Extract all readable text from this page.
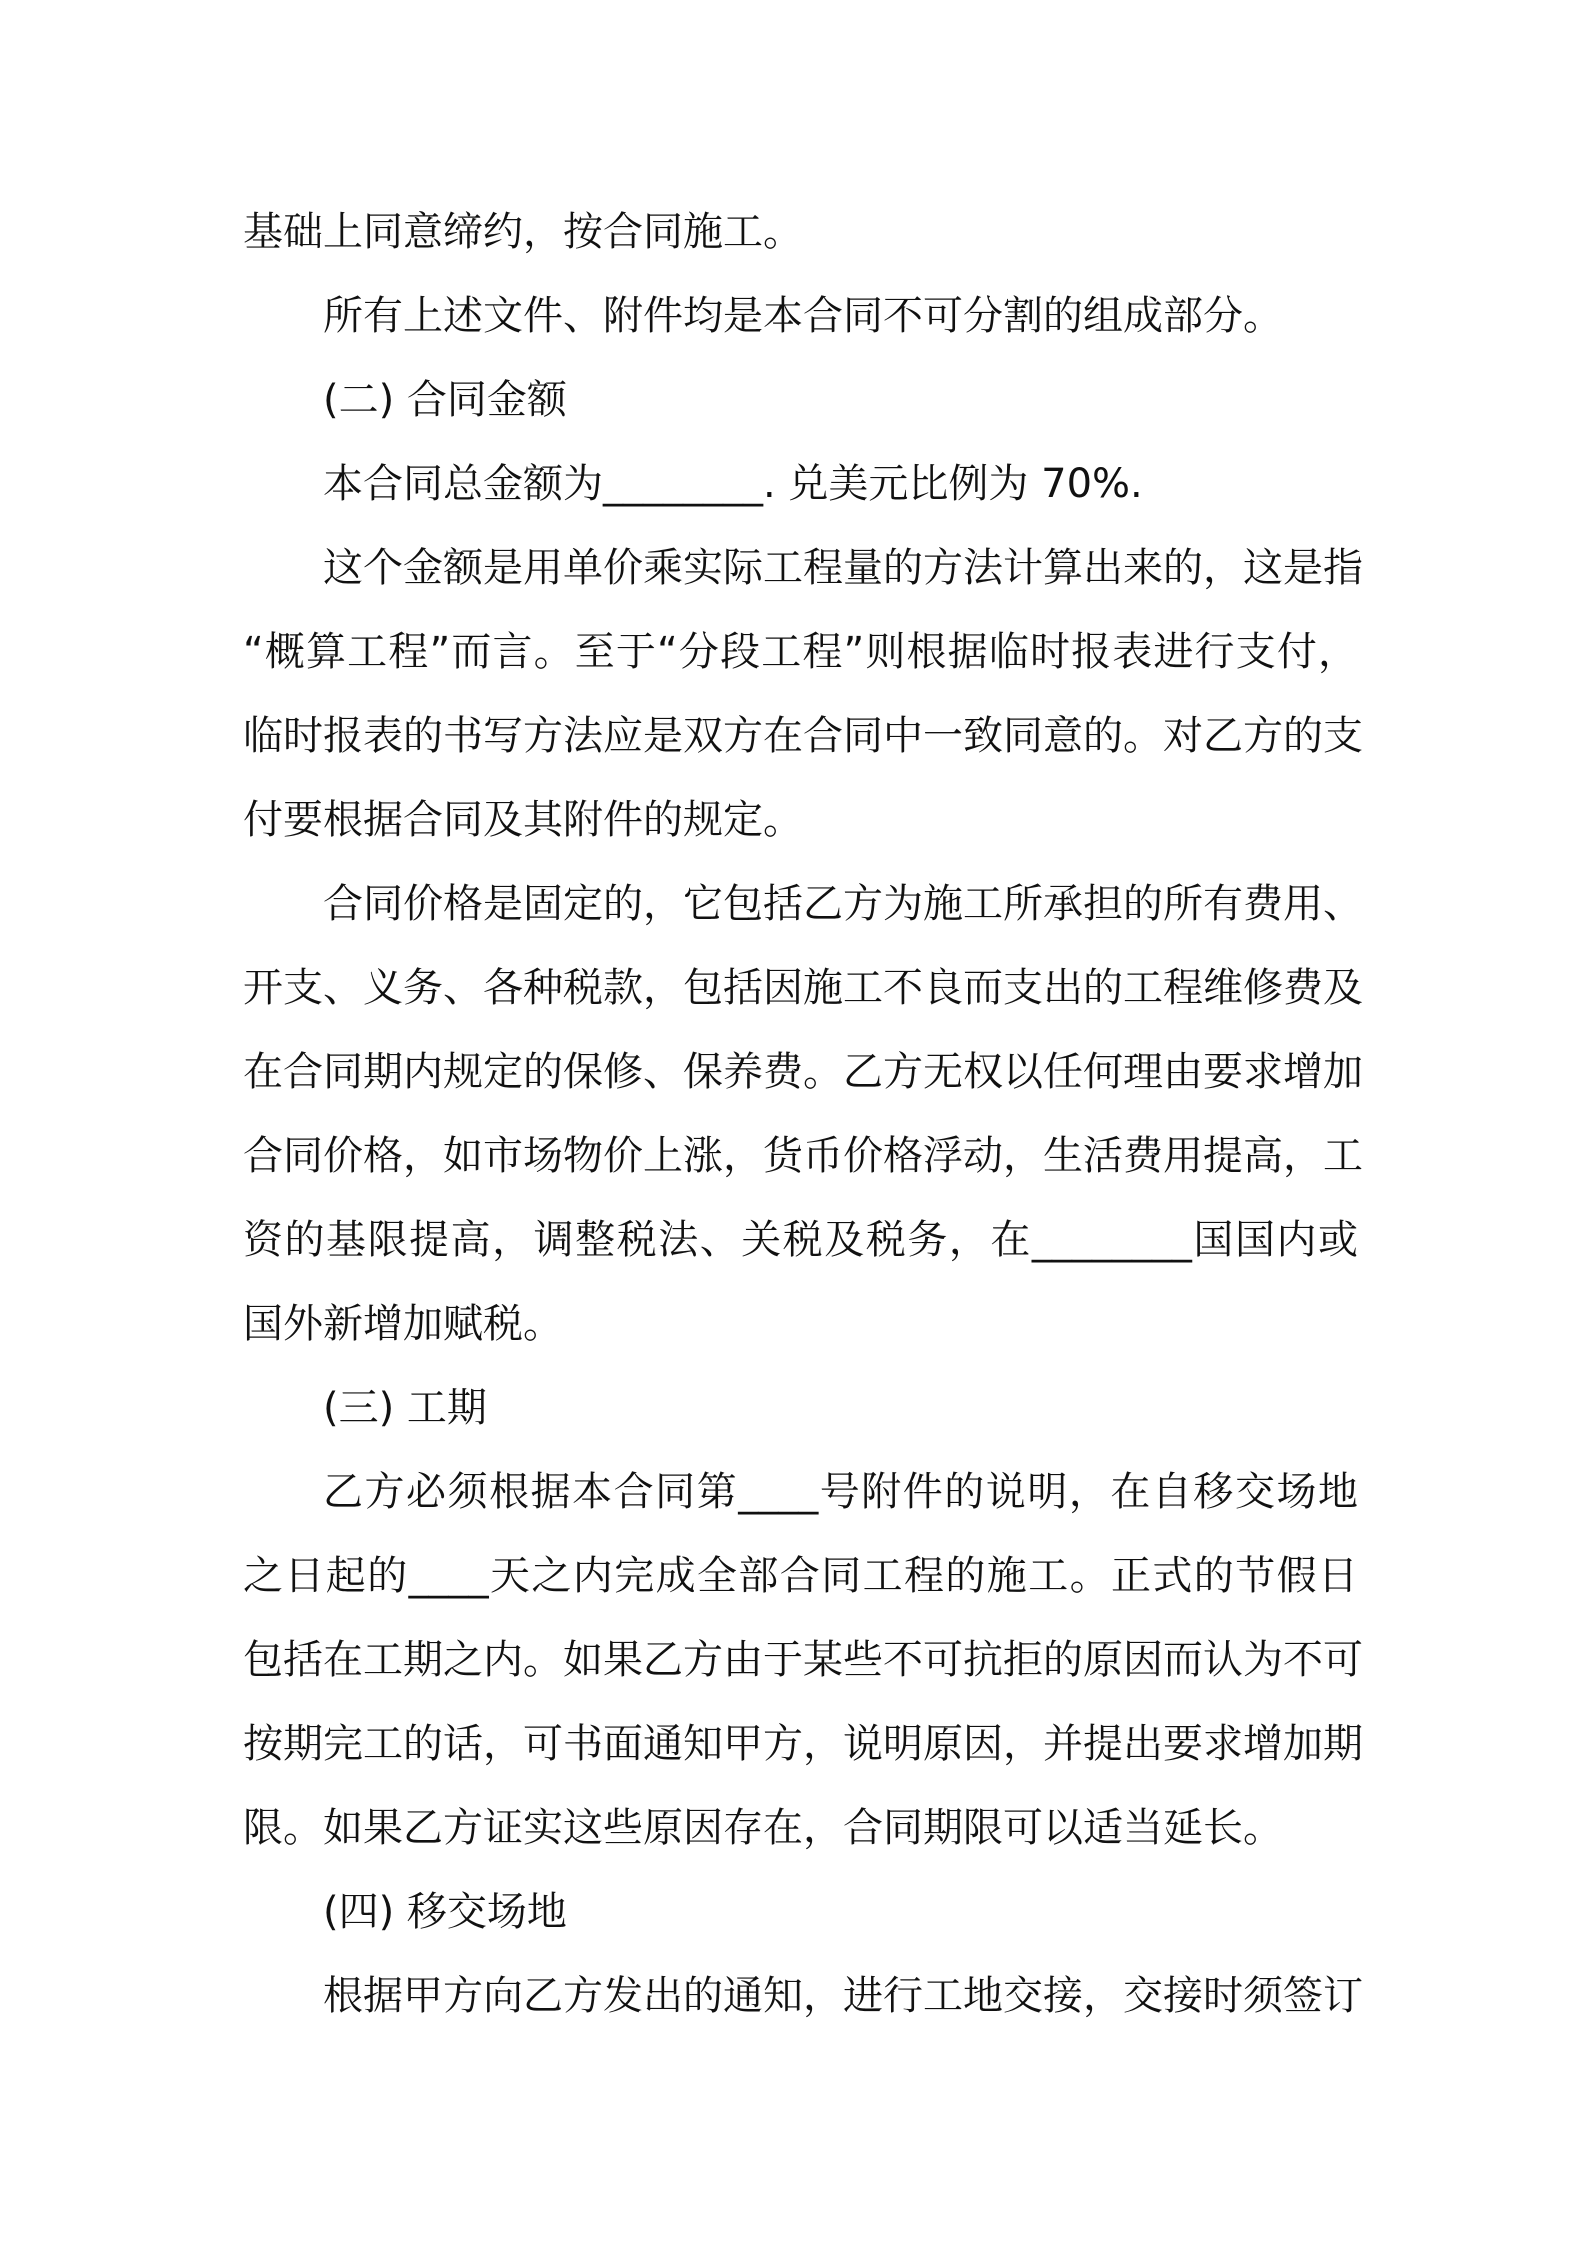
基础上同意缔约，按合同施工。
所有上述文件、附件均是本合同不可分割的组成部分。
(二) 合同金额
本合同总金额为________. 兑美元比例为 70%.
这个金额是用单价乘实际工程量的方法计算出来的，这是指
“概算工程”而言。至于“分段工程”则根据临时报表进行支付，
临时报表的书写方法应是双方在合同中一致同意的。对乙方的支
付要根据合同及其附件的规定。
合同价格是固定的，它包括乙方为施工所承担的所有费用、
开支、义务、各种税款，包括因施工不良而支出的工程维修费及
在合同期内规定的保修、保养费。乙方无权以任何理由要求增加
合同价格，如市场物价上涨，货币价格浮动，生活费用提高，工
资的基限提高，调整税法、关税及税务，在________国国内或
国外新增加赋税。
(三) 工期
乙方必须根据本合同第____号附件的说明，在自移交场地
之日起的____天之内完成全部合同工程的施工。正式的节假日
包括在工期之内。如果乙方由于某些不可抗拒的原因而认为不可
按期完工的话，可书面通知甲方，说明原因，并提出要求增加期
限。如果乙方证实这些原因存在，合同期限可以适当延长。
(四) 移交场地
根据甲方向乙方发出的通知，进行工地交接，交接时须签订
